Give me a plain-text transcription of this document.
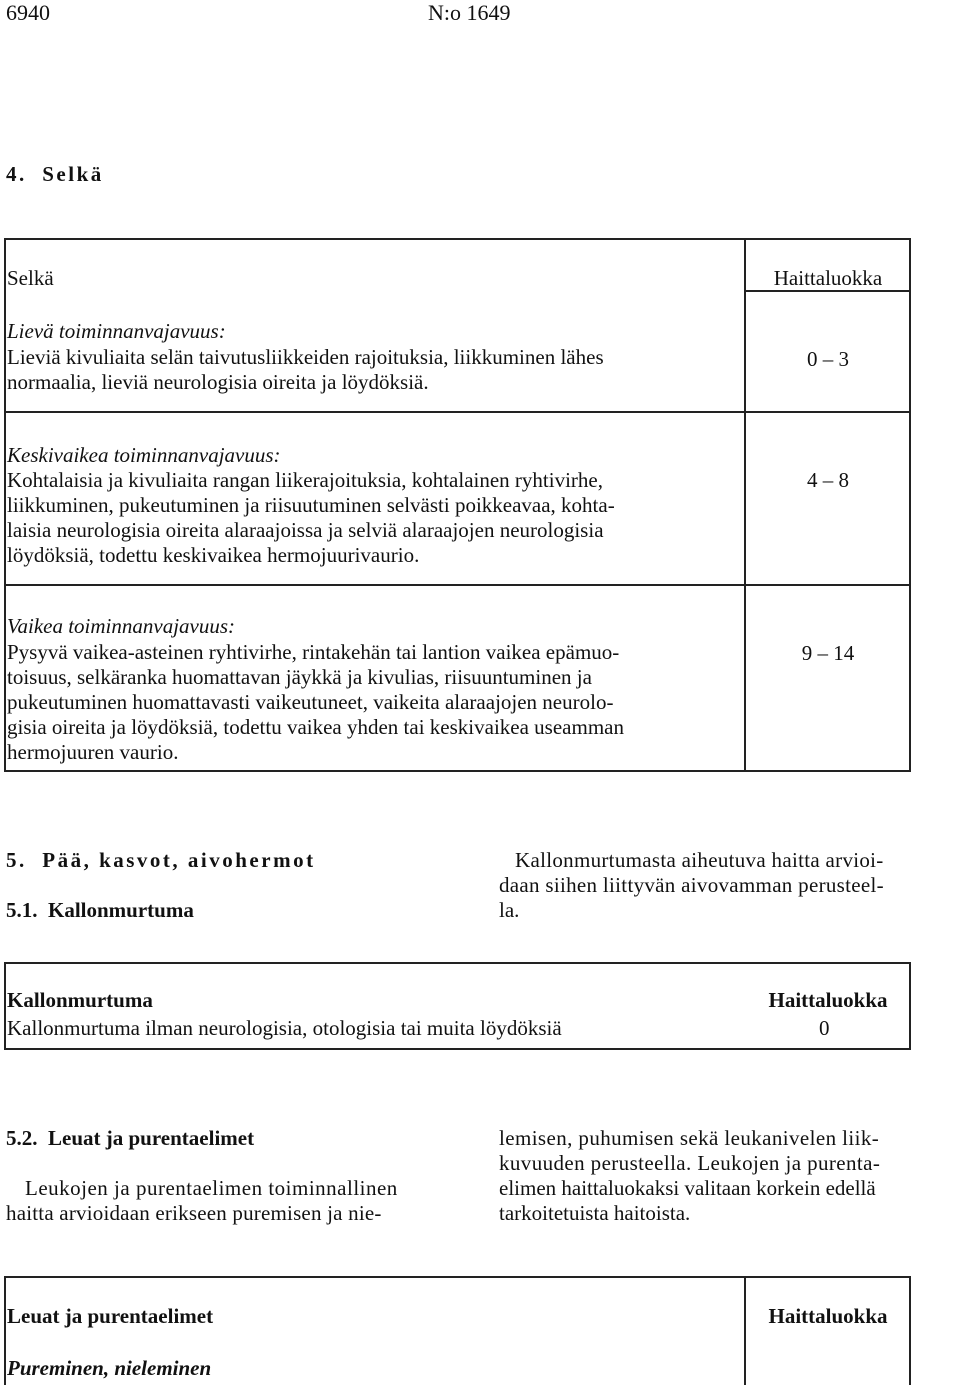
6940	N:o 1649
4.  Selkä
Selkä	Haittaluokka
Lievä toiminnanvajavuus:
Lieviä kivuliaita selän taivutusliikkeiden rajoituksia, liikkuminen lähes
normaalia, lieviä neurologisia oireita ja löydöksiä.
0 – 3
Keskivaikea toiminnanvajavuus:
Kohtalaisia ja kivuliaita rangan liikerajoituksia, kohtalainen ryhtivirhe,
liikkuminen, pukeutuminen ja riisuutuminen selvästi poikkeavaa, kohta-
laisia neurologisia oireita alaraajoissa ja selviä alaraajojen neurologisia
löydöksiä, todettu keskivaikea hermojuurivaurio.
4 – 8
Vaikea toiminnanvajavuus:
Pysyvä vaikea-asteinen ryhtivirhe, rintakehän tai lantion vaikea epämuo-
toisuus, selkäranka huomattavan jäykkä ja kivulias, riisuuntuminen ja
pukeutuminen huomattavasti vaikeutuneet, vaikeita alaraajojen neurolo-
gisia oireita ja löydöksiä, todettu vaikea yhden tai keskivaikea useamman
hermojuuren vaurio.
9 – 14
5.  Pää, kasvot, aivohermot
5.1.  Kallonmurtuma
Kallonmurtumasta aiheutuva haitta arvioi-
daan siihen liittyvän aivovamman perusteel-
la.
Kallonmurtuma	Haittaluokka
Kallonmurtuma ilman neurologisia, otologisia tai muita löydöksiä	0
5.2.  Leuat ja purentaelimet
Leukojen ja purentaelimen toiminnallinen
haitta arvioidaan erikseen puremisen ja nie-
lemisen, puhumisen sekä leukanivelen liik-
kuvuuden perusteella. Leukojen ja purenta-
elimen haittaluokaksi valitaan korkein edellä
tarkoitetuista haitoista.
Leuat ja purentaelimet	Haittaluokka
Pureminen, nieleminen
